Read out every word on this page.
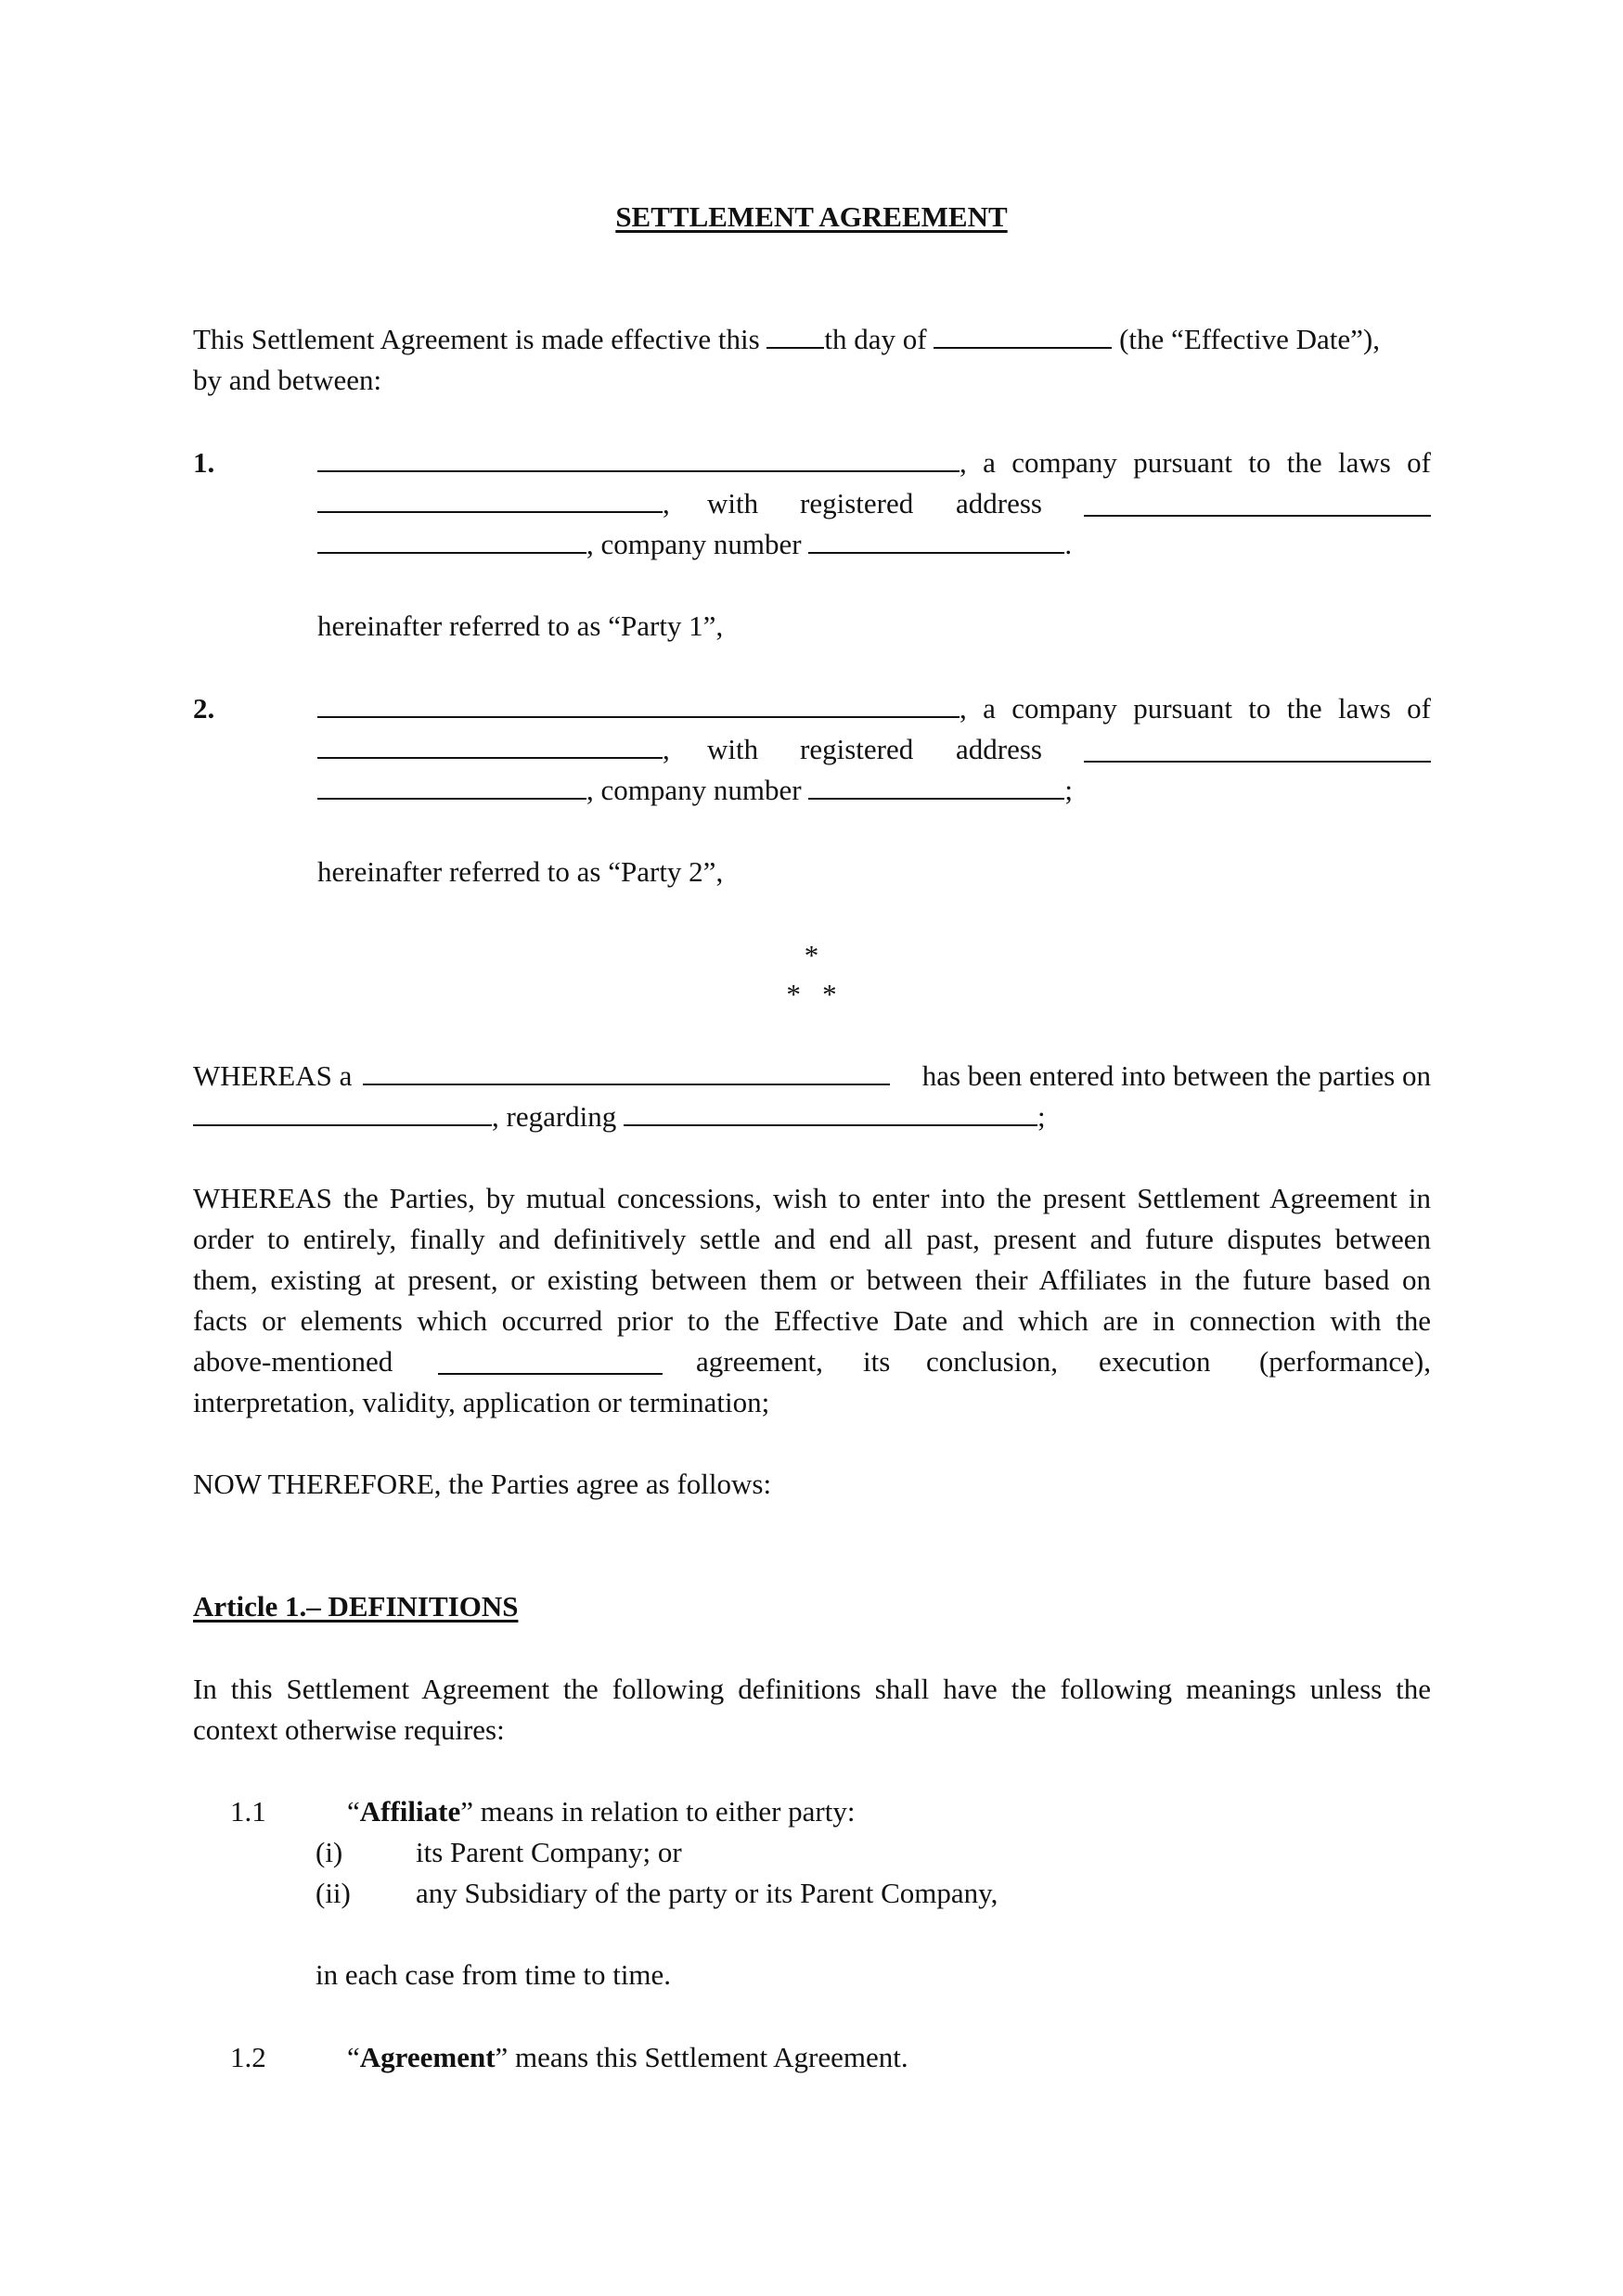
SETTLEMENT AGREEMENT
This Settlement Agreement is made effective this th day of	(the “Effective Date”),
by and between:
1.	, a company pursuant to the laws of
, with registered address
, company number	.
hereinafter referred to as “Party 1”,
2.	, a company pursuant to the laws of
, with registered address
, company number	;
hereinafter referred to as “Party 2”,
*
*   *
WHEREAS a	has been entered into between the parties on
, regarding	;
WHEREAS the Parties, by mutual concessions, wish to enter into the present Settlement Agreement in
order to entirely, finally and definitively settle and end all past, present and future disputes between
them, existing at present, or existing between them or between their Affiliates in the future based on
facts or elements which occurred prior to the Effective Date and which are in connection with the
above-mentioned	agreement, its conclusion, execution (performance),
interpretation, validity, application or termination;
NOW THEREFORE, the Parties agree as follows:
Article 1.– DEFINITIONS
In this Settlement Agreement the following definitions shall have the following meanings unless the
context otherwise requires:
1.1	“Affiliate” means in relation to either party:
(i)	its Parent Company; or
(ii) any Subsidiary of the party or its Parent Company,
in each case from time to time.
1.2	“Agreement” means this Settlement Agreement.
